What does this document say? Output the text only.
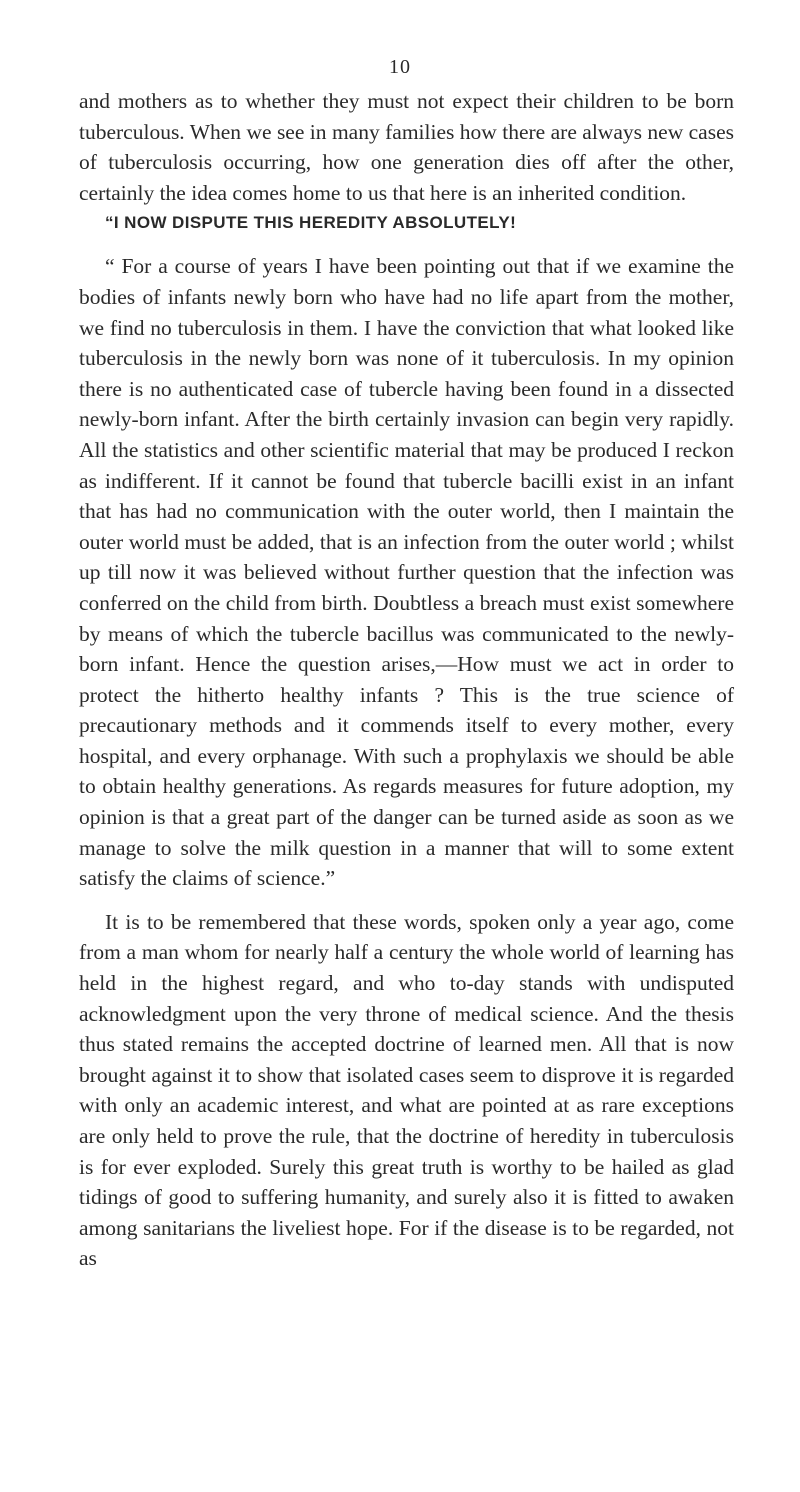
10

and mothers as to whether they must not expect their children to be born tuberculous. When we see in many families how there are always new cases of tuberculosis occurring, how one generation dies off after the other, certainly the idea comes home to us that here is an inherited condition.

“I NOW DISPUTE THIS HEREDITY ABSOLUTELY!

“ For a course of years I have been pointing out that if we examine the bodies of infants newly born who have had no life apart from the mother, we find no tuberculosis in them. I have the conviction that what looked like tuberculosis in the newly born was none of it tuberculosis. In my opinion there is no authenticated case of tubercle having been found in a dissected newly-born infant. After the birth certainly invasion can begin very rapidly. All the statistics and other scientific material that may be produced I reckon as indifferent. If it cannot be found that tubercle bacilli exist in an infant that has had no communication with the outer world, then I maintain the outer world must be added, that is an infection from the outer world ; whilst up till now it was believed without further question that the infection was conferred on the child from birth. Doubtless a breach must exist somewhere by means of which the tubercle bacillus was communicated to the newly-born infant. Hence the question arises,—How must we act in order to protect the hitherto healthy infants ? This is the true science of precautionary methods and it commends itself to every mother, every hospital, and every orphanage. With such a prophylaxis we should be able to obtain healthy generations. As regards measures for future adoption, my opinion is that a great part of the danger can be turned aside as soon as we manage to solve the milk question in a manner that will to some extent satisfy the claims of science.”

It is to be remembered that these words, spoken only a year ago, come from a man whom for nearly half a century the whole world of learning has held in the highest regard, and who to-day stands with undisputed acknowledgment upon the very throne of medical science. And the thesis thus stated remains the accepted doctrine of learned men. All that is now brought against it to show that isolated cases seem to disprove it is regarded with only an academic interest, and what are pointed at as rare exceptions are only held to prove the rule, that the doctrine of heredity in tuberculosis is for ever exploded. Surely this great truth is worthy to be hailed as glad tidings of good to suffering humanity, and surely also it is fitted to awaken among sanitarians the liveliest hope. For if the disease is to be regarded, not as
